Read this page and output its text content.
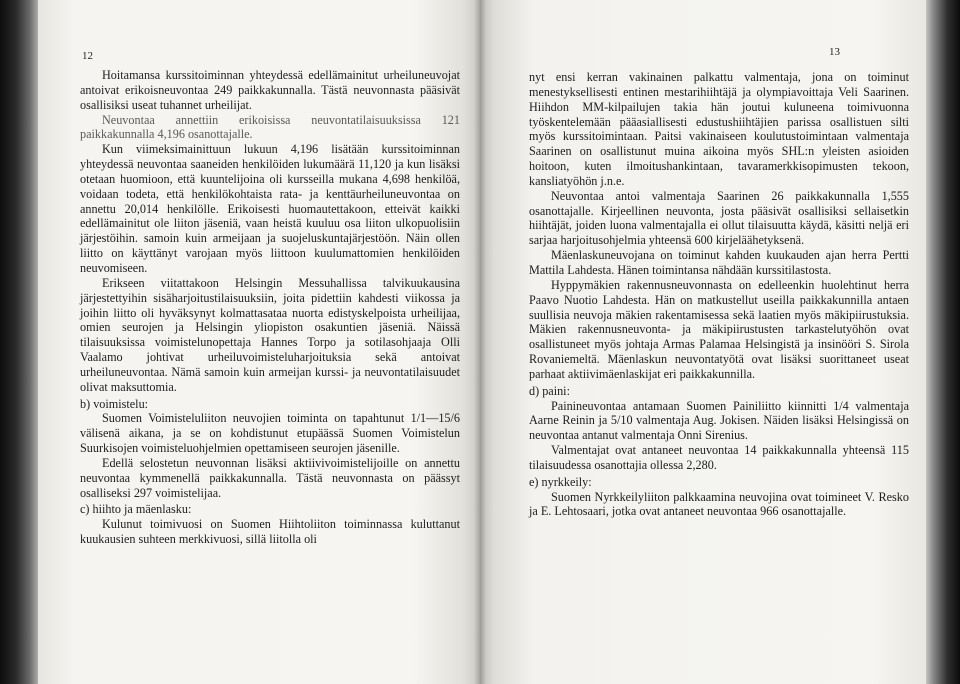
12	13

Hoitamansa kurssitoiminnan yhteydessä edellämainitut urheiluneuvojat antoivat erikoisneuvontaa 249 paikkakunnalla. Tästä neuvonnasta pääsivät osallisiksi useat tuhannet urheilijat.

Neuvontaa annettiin erikoisissa neuvontatilaisuuksissa 121 paikkakunnalla 4,196 osanottajalle.

Kun viimeksimainittuun lukuun 4,196 lisätään kurssitoiminnan yhteydessä neuvontaa saaneiden henkilöiden lukumäärä 11,120 ja kun lisäksi otetaan huomioon, että kuuntelijoina oli kursseilla mukana 4,698 henkilöä, voidaan todeta, että henkilökohtaista rata- ja kenttäurheiluneuvontaa on annettu 20,014 henkilölle. Erikoisesti huomautettakoon, etteivät kaikki edellämainitut ole liiton jäseniä, vaan heistä kuuluu osa liiton ulkopuolisiin järjestöihin. samoin kuin armeijaan ja suojeluskuntajärjestöön. Näin ollen liitto on käyttänyt varojaan myös liittoon kuulumattomien henkilöiden neuvomiseen.

Erikseen viitattakoon Helsingin Messuhallissa talvikuukausina järjestettyihin sisäharjoitustilaisuuksiin, joita pidettiin kahdesti viikossa ja joihin liitto oli hyväksynyt kolmattasataa nuorta edistyskelpoista urheilijaa, omien seurojen ja Helsingin yliopiston osakuntien jäseniä. Näissä tilaisuuksissa voimistelunopettaja Hannes Torpo ja sotilasohjaaja Olli Vaalamo johtivat urheiluvoimisteluharjoituksia sekä antoivat urheiluneuvontaa. Nämä samoin kuin armeijan kurssi- ja neuvontatilaisuudet olivat maksuttomia.

b) voimistelu:

Suomen Voimisteluliiton neuvojien toiminta on tapahtunut 1/1—15/6 välisenä aikana, ja se on kohdistunut etupäässä Suomen Voimistelun Suurkisojen voimisteluohjelmien opettamiseen seurojen jäsenille.

Edellä selostetun neuvonnan lisäksi aktiivivoimistelijoille on annettu neuvontaa kymmenellä paikkakunnalla. Tästä neuvonnasta on päässyt osalliseksi 297 voimistelijaa.

c) hiihto ja mäenlasku:

Kulunut toimivuosi on Suomen Hiihtoliiton toiminnassa kuluttanut kuukausien suhteen merkkivuosi, sillä liitolla oli

nyt ensi kerran vakinainen palkattu valmentaja, jona on toiminut menestyksellisesti entinen mestarihiihtäjä ja olympiavoittaja Veli Saarinen. Hiihdon MM-kilpailujen takia hän joutui kuluneena toimivuonna työskentelemään pääasiallisesti edustushiihtäjien parissa osallistuen silti myös kurssitoimintaan. Paitsi vakinaiseen koulutustoimintaan valmentaja Saarinen on osallistunut muina aikoina myös SHL:n yleisten asioiden hoitoon, kuten ilmoitushankintaan, tavaramerkkisopimusten tekoon, kansliatyöhön j.n.e.

Neuvontaa antoi valmentaja Saarinen 26 paikkakunnalla 1,555 osanottajalle. Kirjeellinen neuvonta, josta pääsivät osallisiksi sellaisetkin hiihtäjät, joiden luona valmentajalla ei ollut tilaisuutta käydä, käsitti neljä eri sarjaa harjoitusohjelmia yhteensä 600 kirjeläähetyksenä.

Mäenlaskuneuvojana on toiminut kahden kuukauden ajan herra Pertti Mattila Lahdesta. Hänen toimintansa nähdään kurssitilastosta.

Hyppymäkien rakennusneuvonnasta on edelleenkin huolehtinut herra Paavo Nuotio Lahdesta. Hän on matkustellut useilla paikkakunnilla antaen suullisia neuvoja mäkien rakentamisessa sekä laatien myös mäkipiirustuksia. Mäkien rakennusneuvonta- ja mäkipiirustusten tarkastelutyöhön ovat osallistuneet myös johtaja Armas Palamaa Helsingistä ja insinööri S. Sirola Rovaniemeltä. Mäenlaskun neuvontatyötä ovat lisäksi suorittaneet useat parhaat aktiivimäenlaskijat eri paikkakunnilla.

d) paini:

Painineuvontaa antamaan Suomen Painiliitto kiinnitti 1/4 valmentaja Aarne Reinin ja 5/10 valmentaja Aug. Jokisen. Näiden lisäksi Helsingissä on neuvontaa antanut valmentaja Onni Sirenius.

Valmentajat ovat antaneet neuvontaa 14 paikkakunnalla yhteensä 115 tilaisuudessa osanottajia ollessa 2,280.

e) nyrkkeily:

Suomen Nyrkkeilyliiton palkkaamina neuvojina ovat toimineet V. Resko ja E. Lehtosaari, jotka ovat antaneet neuvontaa 966 osanottajalle.
